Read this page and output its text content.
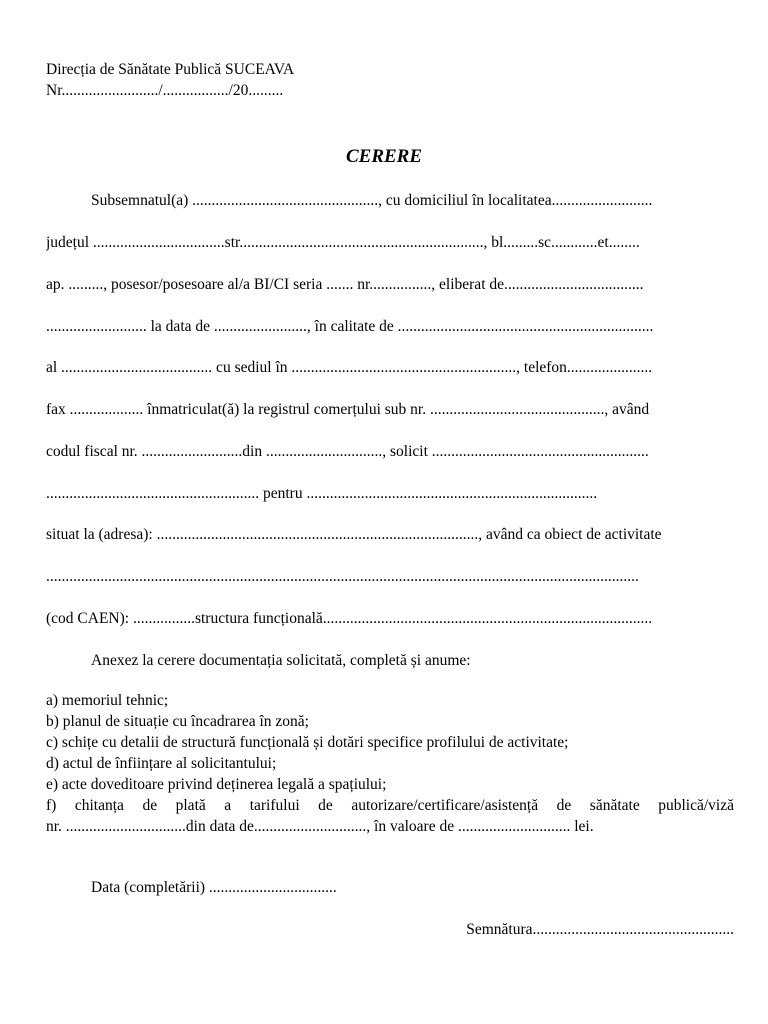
Direcția de Sănătate Publică SUCEAVA
Nr........................./................./20.........
CERERE
Subsemnatul(a) ................................................, cu domiciliul în localitatea..........................
județul ..................................str..............................................................., bl.........sc............et........
ap. ........., posesor/posesoare al/a BI/CI seria ....... nr................, eliberat de....................................
.......................... la data de ........................, în calitate de ..................................................................
al ....................................... cu sediul în .........................................................., telefon......................
fax ................... înmatriculat(ă) la registrul comerțului sub nr. ............................................., având
codul fiscal nr. ..........................din .............................., solicit ........................................................
....................................................... pentru ...........................................................................
situat la (adresa): ..................................................................................., având ca obiect de activitate
.........................................................................................................................................................
(cod CAEN): ................structura funcțională.....................................................................................
Anexez la cerere documentația solicitată, completă și anume:
a) memoriul tehnic;
b) planul de situație cu încadrarea în zonă;
c) schițe cu detalii de structură funcțională și dotări specifice profilului de activitate;
d) actul de înființare al solicitantului;
e) acte doveditoare privind deținerea legală a spațiului;
f) chitanța de plată a tarifului de autorizare/certificare/asistență de sănătate publică/viză
nr. ...............................din data de............................., în valoare de ............................. lei.
Data (completării) .................................
Semnătura....................................................
